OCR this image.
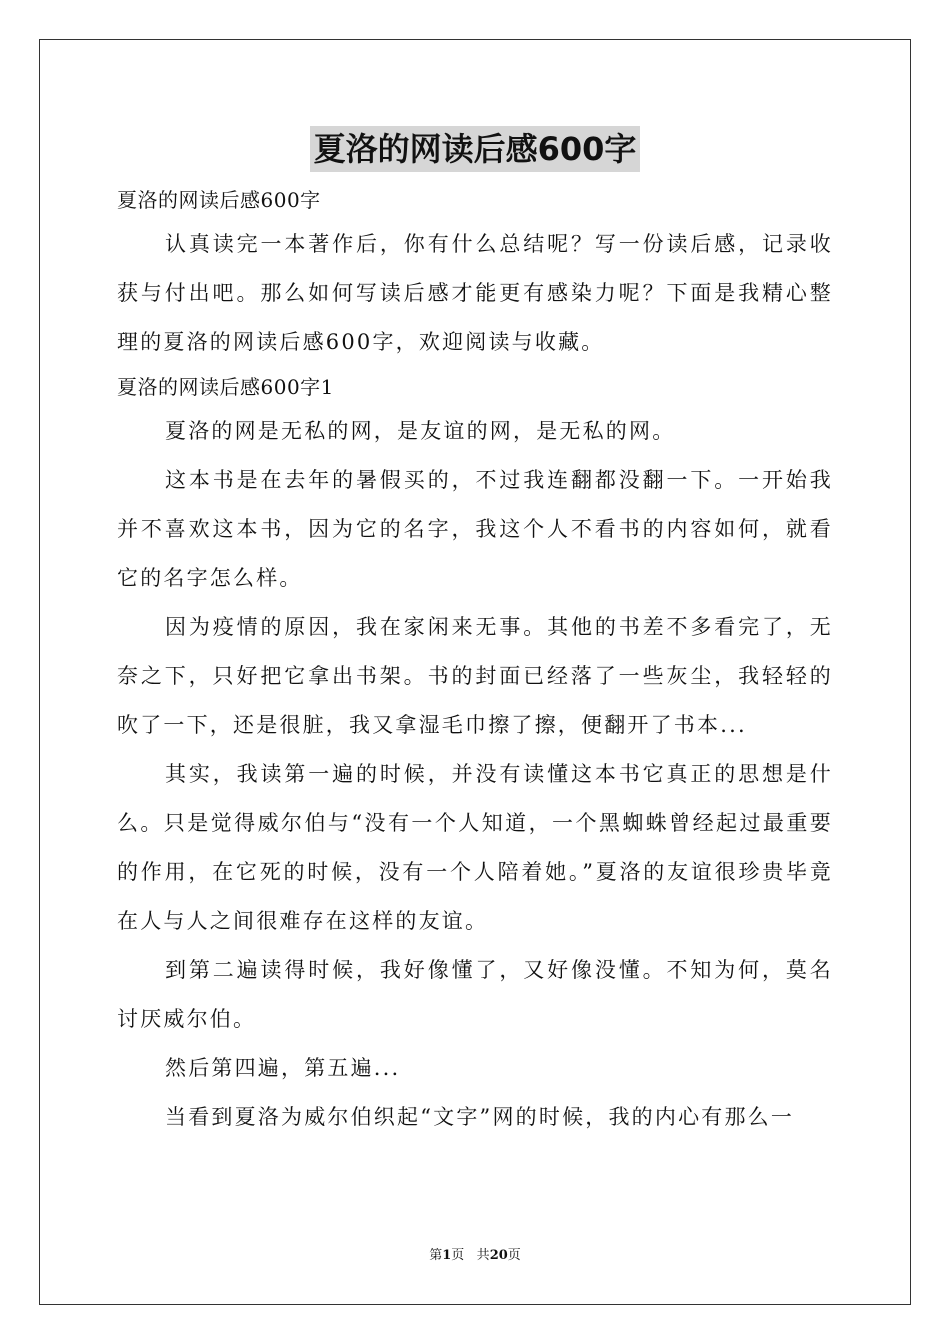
夏洛的网读后感600字

夏洛的网读后感600字

认真读完一本著作后，你有什么总结呢？写一份读后感，记录收获与付出吧。那么如何写读后感才能更有感染力呢？下面是我精心整理的夏洛的网读后感600字，欢迎阅读与收藏。

夏洛的网读后感600字1

夏洛的网是无私的网，是友谊的网，是无私的网。

这本书是在去年的暑假买的，不过我连翻都没翻一下。一开始我并不喜欢这本书，因为它的名字，我这个人不看书的内容如何，就看它的名字怎么样。

因为疫情的原因，我在家闲来无事。其他的书差不多看完了，无奈之下，只好把它拿出书架。书的封面已经落了一些灰尘，我轻轻的吹了一下，还是很脏，我又拿湿毛巾擦了擦，便翻开了书本...

其实，我读第一遍的时候，并没有读懂这本书它真正的思想是什么。只是觉得威尔伯与“没有一个人知道，一个黑蜘蛛曾经起过最重要的作用，在它死的时候，没有一个人陪着她。”夏洛的友谊很珍贵毕竟在人与人之间很难存在这样的友谊。

到第二遍读得时候，我好像懂了，又好像没懂。不知为何，莫名讨厌威尔伯。

然后第四遍，第五遍...

当看到夏洛为威尔伯织起“文字”网的时候，我的内心有那么一

第1页 共20页
